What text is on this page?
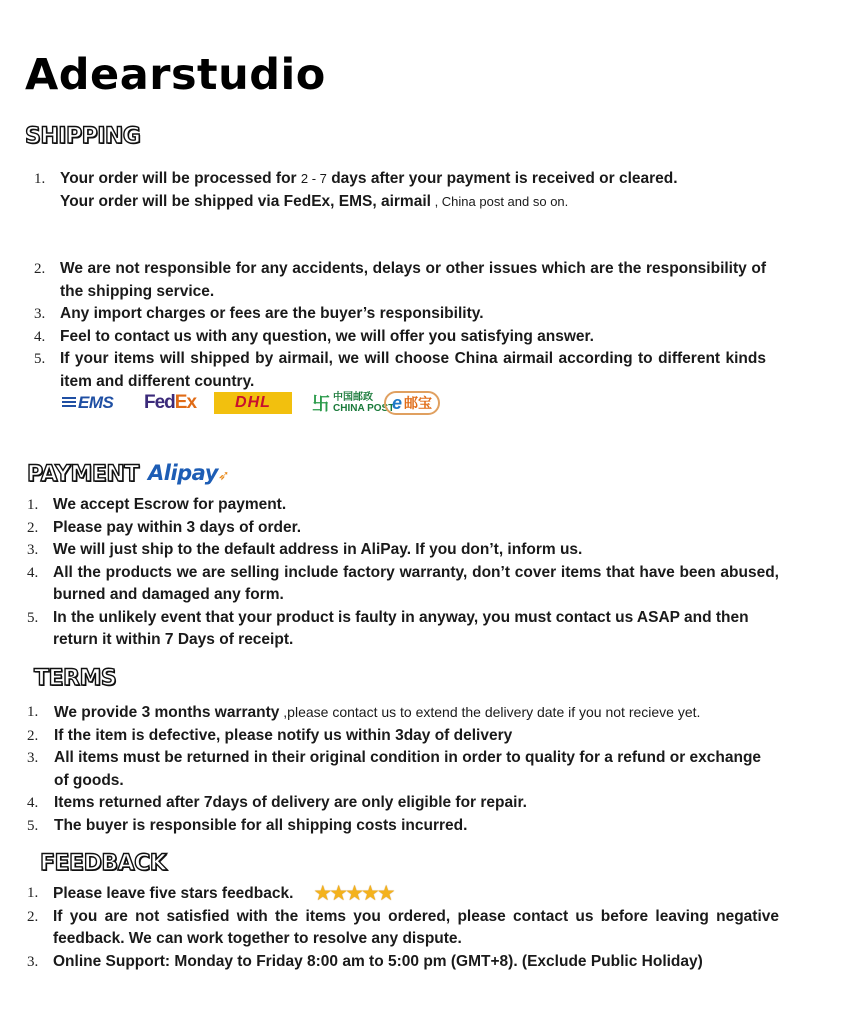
Adearstudio
SHIPPING
1. Your order will be processed for 2 - 7 days after your payment is received or cleared.
Your order will be shipped via FedEx, EMS, airmail , China post and so on.
2. We are not responsible for any accidents, delays or other issues which are the responsibility of the shipping service.
3. Any import charges or fees are the buyer’s responsibility.
4. Feel to contact us with any question, we will offer you satisfying answer.
5. If your items will shipped by airmail, we will choose China airmail according to different kinds item and different country.
EMS Fed Ex	DHL	卐 中国邮政
CHINA POST
e 邮宝
PAYMENT Alipay➶
1. We accept Escrow for payment.
2. Please pay within 3 days of order.
3. We will just ship to the default address in AliPay. If you don’t, inform us.
4. All the products we are selling include factory warranty, don’t cover items that have been abused, burned and damaged any form.
5. In the unlikely event that your product is faulty in anyway, you must contact us ASAP and then return it within 7 Days of receipt.
TERMS
1. We provide 3 months warranty ,please contact us to extend the delivery date if you not recieve yet.
2. If the item is defective, please notify us within 3day of delivery
3. All items must be returned in their original condition in order to quality for a refund or exchange of goods.
4. Items returned after 7days of delivery are only eligible for repair.
5. The buyer is responsible for all shipping costs incurred.
FEEDBACK
1. Please leave five stars feedback. ★★★★★
2. If you are not satisfied with the items you ordered, please contact us before leaving negative feedback. We can work together to resolve any dispute.
3. Online Support: Monday to Friday 8:00 am to 5:00 pm (GMT+8). (Exclude Public Holiday)
